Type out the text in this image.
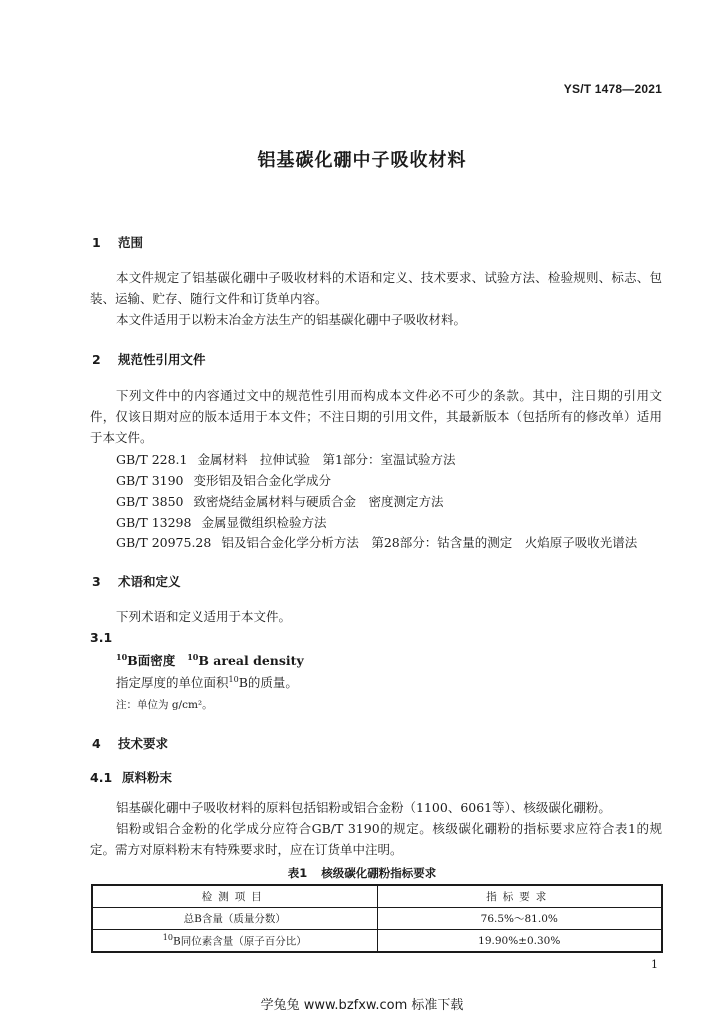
YS/T 1478—2021
铝基碳化硼中子吸收材料
1 范围
本文件规定了铝基碳化硼中子吸收材料的术语和定义、技术要求、试验方法、检验规则、标志、包装、运输、贮存、随行文件和订货单内容。
本文件适用于以粉末冶金方法生产的铝基碳化硼中子吸收材料。
2 规范性引用文件
下列文件中的内容通过文中的规范性引用而构成本文件必不可少的条款。其中，注日期的引用文件，仅该日期对应的版本适用于本文件；不注日期的引用文件，其最新版本（包括所有的修改单）适用于本文件。
GB/T 228.1 金属材料　拉伸试验　第1部分：室温试验方法
GB/T 3190 变形铝及铝合金化学成分
GB/T 3850 致密烧结金属材料与硬质合金　密度测定方法
GB/T 13298 金属显微组织检验方法
GB/T 20975.28 铝及铝合金化学分析方法　第28部分：钴含量的测定　火焰原子吸收光谱法
3 术语和定义
下列术语和定义适用于本文件。
3.1
$^{10}$B面密度 $^{10}$B areal density
指定厚度的单位面积$^{10}$B的质量。
注：单位为 g/cm²。
4 技术要求
4.1 原料粉末
铝基碳化硼中子吸收材料的原料包括铝粉或铝合金粉（1100、6061等）、核级碳化硼粉。
铝粉或铝合金粉的化学成分应符合GB/T 3190的规定。核级碳化硼粉的指标要求应符合表1的规定。需方对原料粉末有特殊要求时，应在订货单中注明。
表1 核级碳化硼粉指标要求
检测项目	指标要求
总B含量（质量分数）	76.5%～81.0%
$^{10}$B同位素含量（原子百分比）	19.90%±0.30%
1
学兔兔 www.bzfxw.com 标准下载
